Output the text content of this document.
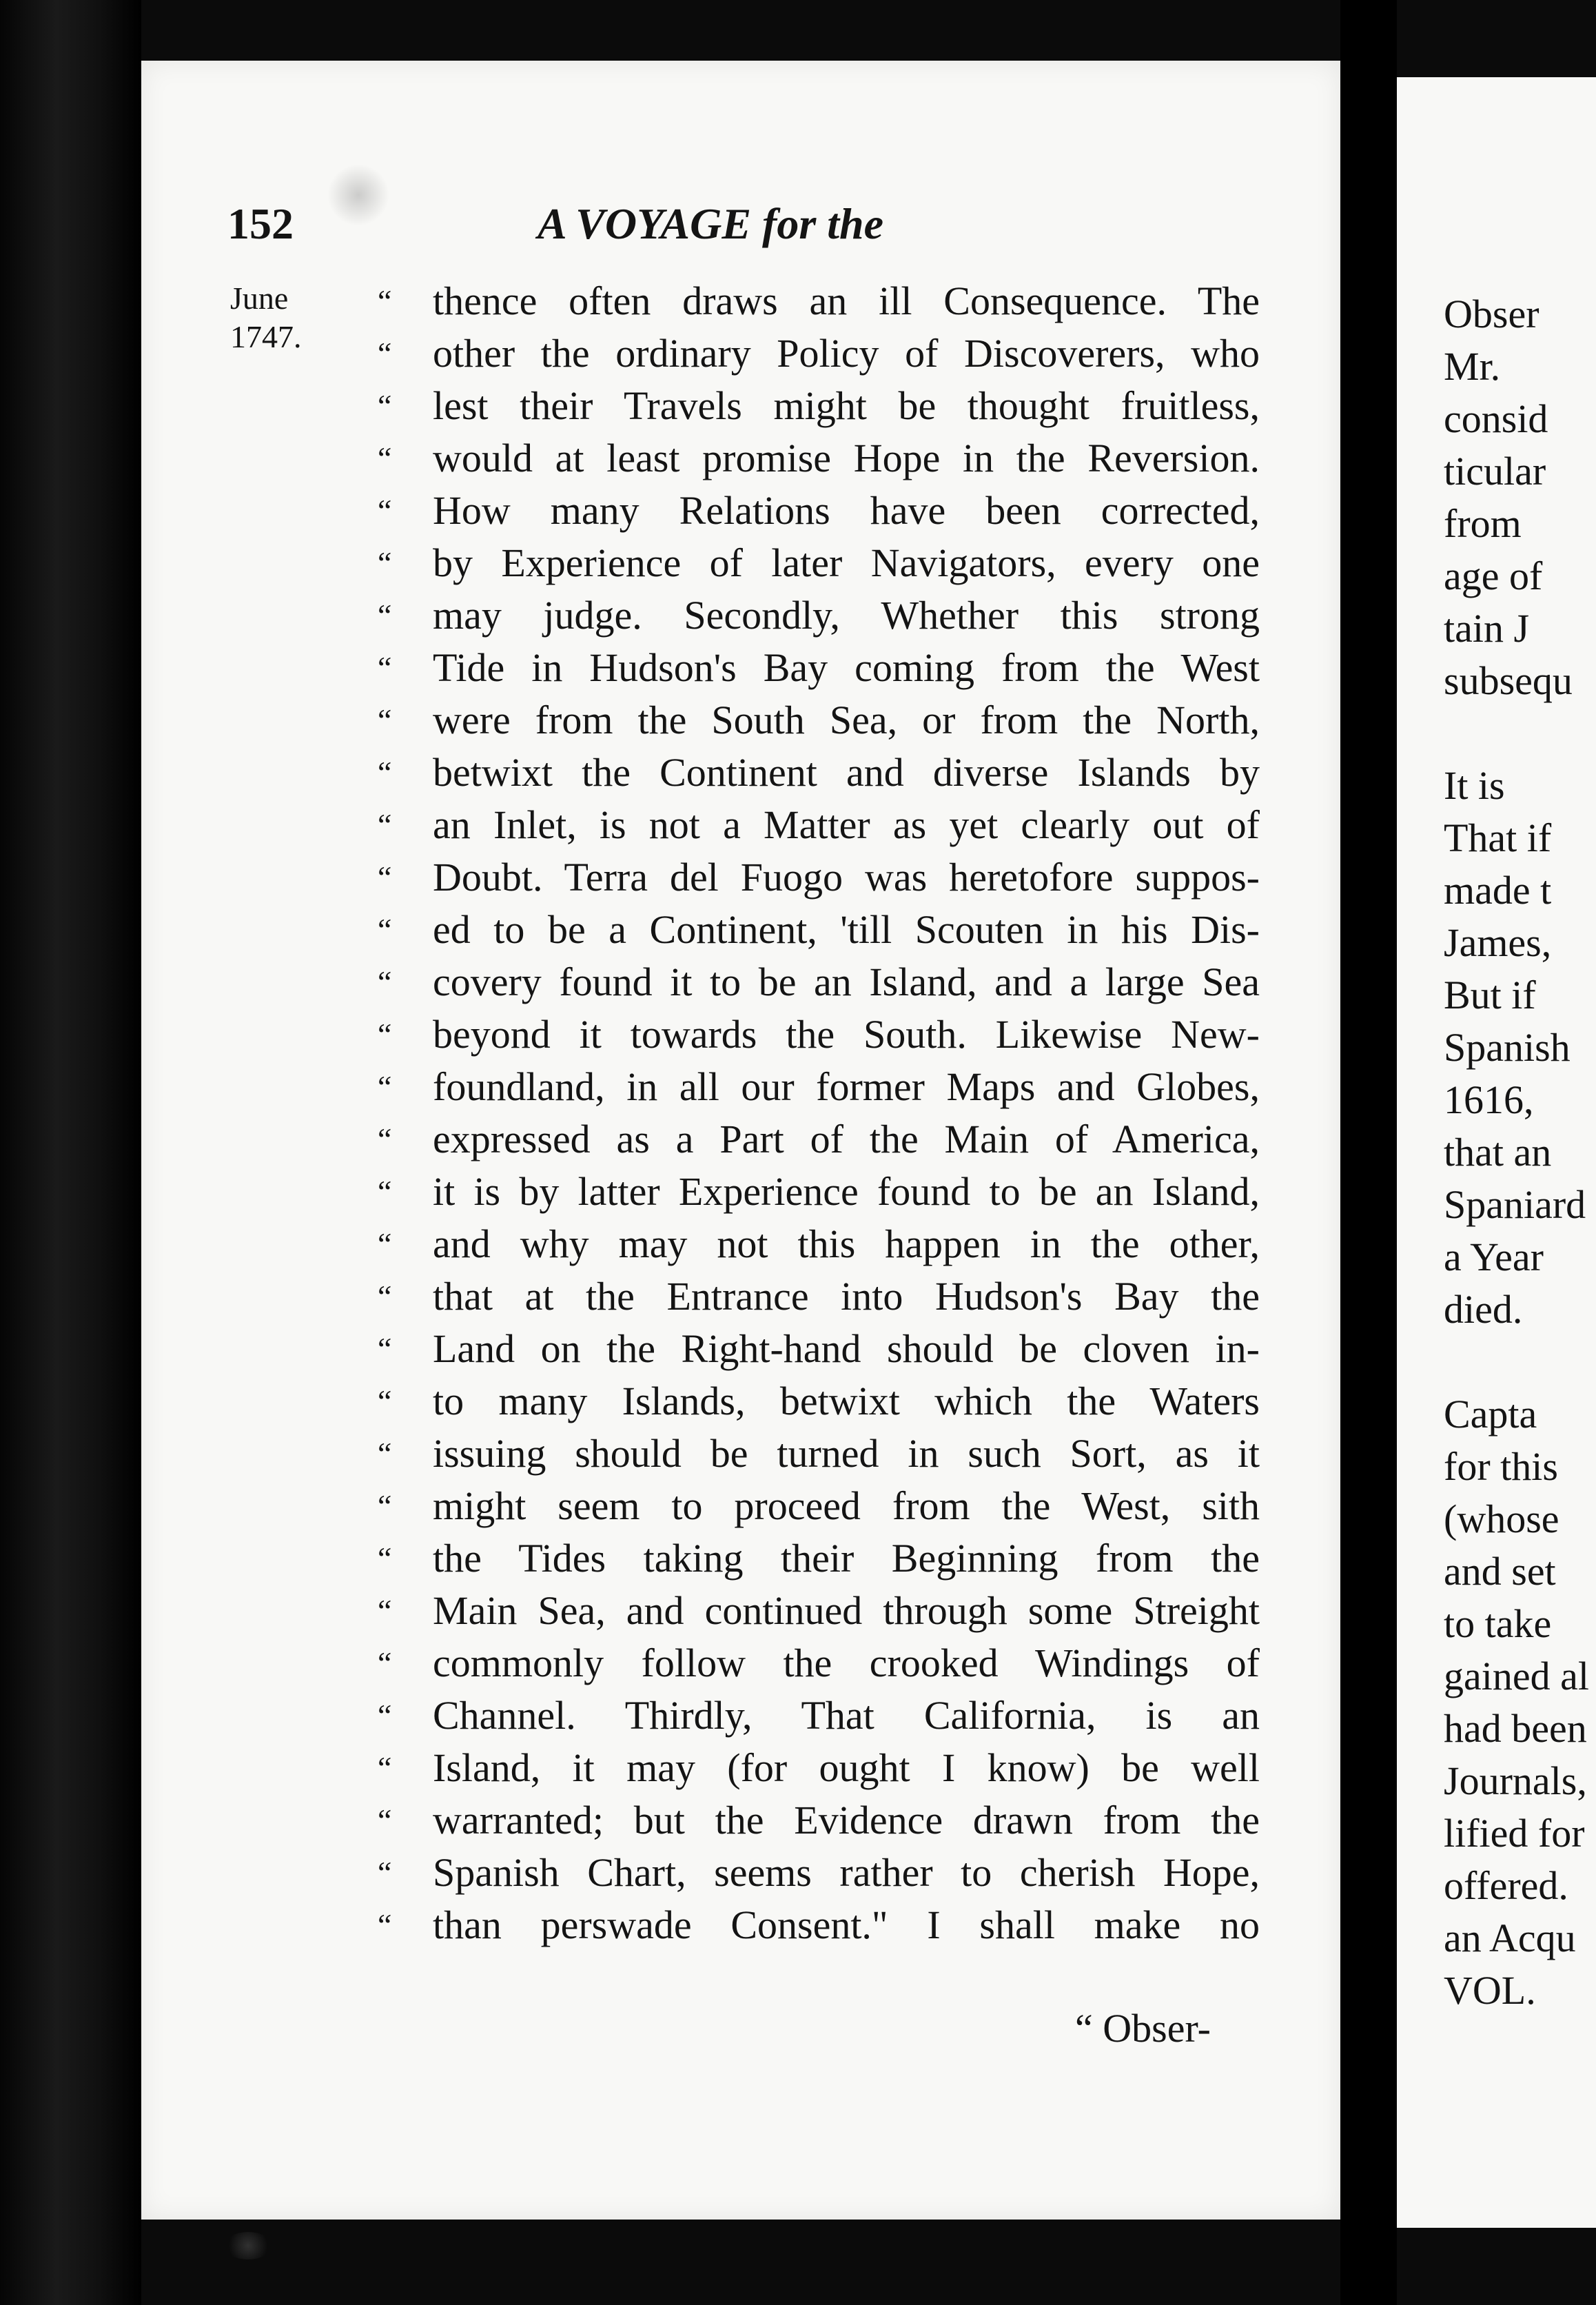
152	A VOYAGE for the
June
1747.
“	thence often draws an ill Consequence. The
“	other the ordinary Policy of Discoverers, who
“	lest their Travels might be thought fruitless,
“	would at least promise Hope in the Reversion.
“	How many Relations have been corrected,
“	by Experience of later Navigators, every one
“	may judge. Secondly, Whether this strong
“	Tide in Hudson's Bay coming from the West
“	were from the South Sea, or from the North,
“	betwixt the Continent and diverse Islands by
“	an Inlet, is not a Matter as yet clearly out of
“	Doubt. Terra del Fuogo was heretofore suppos-
“	ed to be a Continent, 'till Scouten in his Dis-
“	covery found it to be an Island, and a large Sea
“	beyond it towards the South. Likewise New-
“	foundland, in all our former Maps and Globes,
“	expressed as a Part of the Main of America,
“	it is by latter Experience found to be an Island,
“	and why may not this happen in the other,
“	that at the Entrance into Hudson's Bay the
“	Land on the Right-hand should be cloven in-
“	to many Islands, betwixt which the Waters
“	issuing should be turned in such Sort, as it
“	might seem to proceed from the West, sith
“	the Tides taking their Beginning from the
“	Main Sea, and continued through some Streight
“	commonly follow the crooked Windings of
“	Channel. Thirdly, That California, is an
“	Island, it may (for ought I know) be well
“	warranted; but the Evidence drawn from the
“	Spanish Chart, seems rather to cherish Hope,
“	than perswade Consent." I shall make no
“ Obser-
Obser
Mr.
consid
ticular
from
age of
tain J
subsequ
It is
That if
made t
James,
But if
Spanish
1616,
that an
Spaniard
a Year
died.
Capta
for this
(whose
and set
to take
gained al
had been
Journals,
lified for
offered.
an Acqu
VOL.
